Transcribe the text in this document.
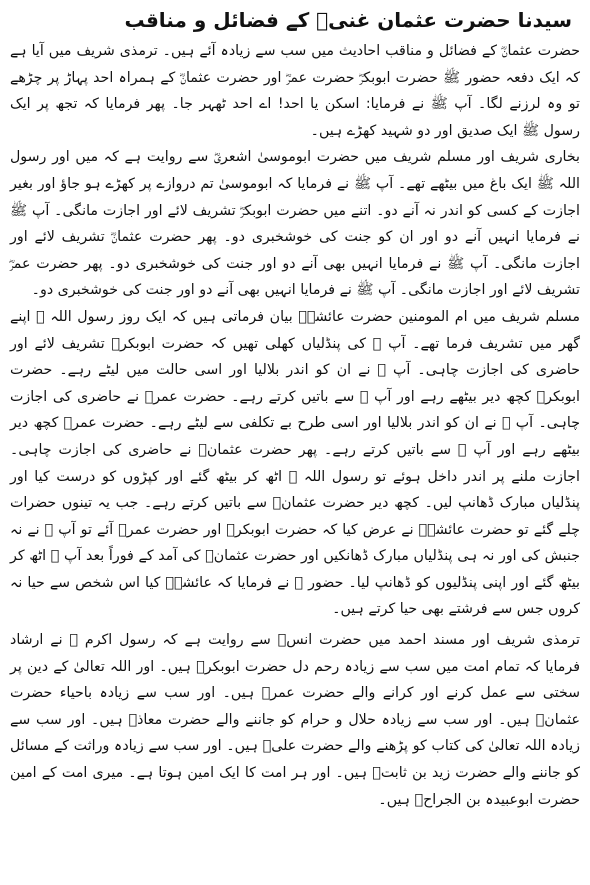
سیدنا حضرت عثمان غنیؓ کے فضائل و مناقب

حضرت عثمانؓ کے فضائل و مناقب احادیث میں سب سے زیادہ آئے ہیں۔ ترمذی شریف میں آیا ہے کہ ایک دفعہ حضور ﷺ حضرت ابوبکرؓ حضرت عمرؓ اور حضرت عثمانؓ کے ہمراہ احد پہاڑ پر چڑھے تو وہ لرزنے لگا۔ آپ ﷺ نے فرمایا: اسکن یا احد! اے احد ٹھہر جا۔ پھر فرمایا کہ تجھ پر ایک رسول ﷺ ایک صدیق اور دو شہید کھڑے ہیں۔

بخاری شریف اور مسلم شریف میں حضرت ابوموسیٰ اشعریؓ سے روایت ہے کہ میں اور رسول اللہ ﷺ ایک باغ میں بیٹھے تھے۔ آپ ﷺ نے فرمایا کہ ابوموسیٰ تم دروازے پر کھڑے ہو جاؤ اور بغیر اجازت کے کسی کو اندر نہ آنے دو۔ اتنے میں حضرت ابوبکرؓ تشریف لائے اور اجازت مانگی۔ آپ ﷺ نے فرمایا انہیں آنے دو اور ان کو جنت کی خوشخبری دو۔ پھر حضرت عثمانؓ تشریف لائے اور اجازت مانگی۔ آپ ﷺ نے فرمایا انہیں بھی آنے دو اور جنت کی خوشخبری دو۔ پھر حضرت عمرؓ تشریف لائے اور اجازت مانگی۔ آپ ﷺ نے فرمایا انہیں بھی آنے دو اور جنت کی خوشخبری دو۔

مسلم شریف میں ام المومنین حضرت عائشہؓ بیان فرماتی ہیں کہ ایک روز رسول اللہ ﷺ اپنے گھر میں تشریف فرما تھے۔ آپ ﷺ کی پنڈلیاں کھلی تھیں کہ حضرت ابوبکرؓ تشریف لائے اور حاضری کی اجازت چاہی۔ آپ ﷺ نے ان کو اندر بلالیا اور اسی حالت میں لیٹے رہے۔ حضرت ابوبکرؓ کچھ دیر بیٹھے رہے اور آپ ﷺ سے باتیں کرتے رہے۔ حضرت عمرؓ نے حاضری کی اجازت چاہی۔ آپ ﷺ نے ان کو اندر بلالیا اور اسی طرح بے تکلفی سے لیٹے رہے۔ حضرت عمرؓ کچھ دیر بیٹھے رہے اور آپ ﷺ سے باتیں کرتے رہے۔ پھر حضرت عثمانؓ نے حاضری کی اجازت چاہی۔ اجازت ملنے پر اندر داخل ہوئے تو رسول اللہ ﷺ اٹھ کر بیٹھ گئے اور کپڑوں کو درست کیا اور پنڈلیاں مبارک ڈھانپ لیں۔ کچھ دیر حضرت عثمانؓ سے باتیں کرتے رہے۔ جب یہ تینوں حضرات چلے گئے تو حضرت عائشہؓ نے عرض کیا کہ حضرت ابوبکرؓ اور حضرت عمرؓ آئے تو آپ ﷺ نے نہ جنبش کی اور نہ ہی پنڈلیاں مبارک ڈھانکیں اور حضرت عثمانؓ کی آمد کے فوراً بعد آپ ﷺ اٹھ کر بیٹھ گئے اور اپنی پنڈلیوں کو ڈھانپ لیا۔ حضور ﷺ نے فرمایا کہ عائشہؓ کیا اس شخص سے حیا نہ کروں جس سے فرشتے بھی حیا کرتے ہیں۔

ترمذی شریف اور مسند احمد میں حضرت انسؓ سے روایت ہے کہ رسول اکرم ﷺ نے ارشاد فرمایا کہ تمام امت میں سب سے زیادہ رحم دل حضرت ابوبکرؓ ہیں۔ اور اللہ تعالیٰ کے دین پر سختی سے عمل کرنے اور کرانے والے حضرت عمرؓ ہیں۔ اور سب سے زیادہ باحیاء حضرت عثمانؓ ہیں۔ اور سب سے زیادہ حلال و حرام کو جاننے والے حضرت معاذؓ ہیں۔ اور سب سے زیادہ اللہ تعالیٰ کی کتاب کو پڑھنے والے حضرت علیؓ ہیں۔ اور سب سے زیادہ وراثت کے مسائل کو جاننے والے حضرت زید بن ثابتؓ ہیں۔ اور ہر امت کا ایک امین ہوتا ہے۔ میری امت کے امین حضرت ابوعبیدہ بن الجراحؓ ہیں۔
